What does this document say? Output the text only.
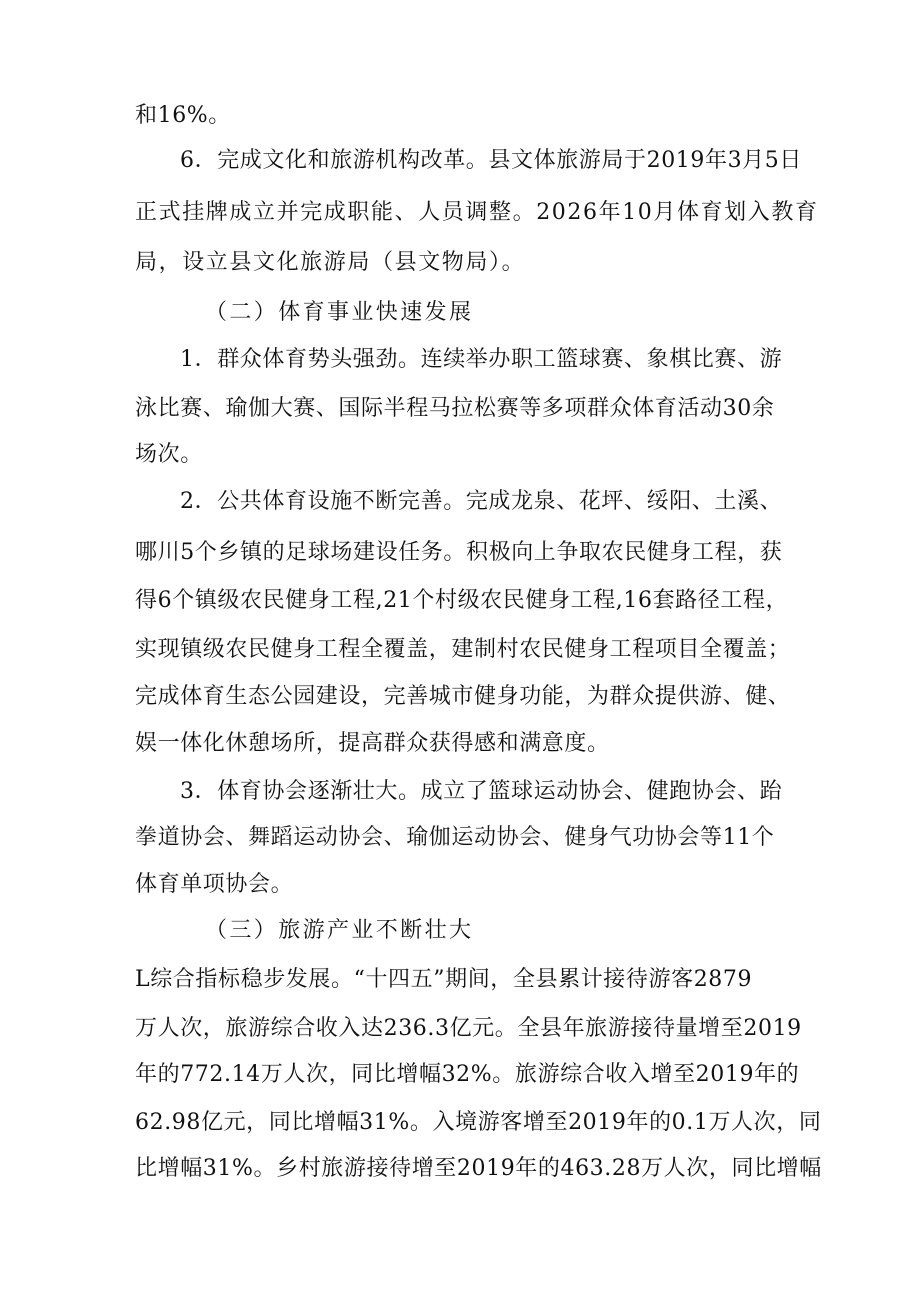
和16%。
6．完成文化和旅游机构改革。县文体旅游局于2019年3月5日
正式挂牌成立并完成职能、人员调整。2026年10月体育划入教育
局，设立县文化旅游局（县文物局）。
（二）体育事业快速发展
1．群众体育势头强劲。连续举办职工篮球赛、象棋比赛、游
泳比赛、瑜伽大赛、国际半程马拉松赛等多项群众体育活动30余
场次。
2．公共体育设施不断完善。完成龙泉、花坪、绥阳、土溪、
哪川5个乡镇的足球场建设任务。积极向上争取农民健身工程，获
得6个镇级农民健身工程,21个村级农民健身工程,16套路径工程，
实现镇级农民健身工程全覆盖，建制村农民健身工程项目全覆盖；
完成体育生态公园建设，完善城市健身功能，为群众提供游、健、
娱一体化休憩场所，提高群众获得感和满意度。
3．体育协会逐渐壮大。成立了篮球运动协会、健跑协会、跆
拳道协会、舞蹈运动协会、瑜伽运动协会、健身气功协会等11个
体育单项协会。
（三）旅游产业不断壮大
L综合指标稳步发展。“十四五”期间，全县累计接待游客2879
万人次，旅游综合收入达236.3亿元。全县年旅游接待量增至2019
年的772.14万人次，同比增幅32%。旅游综合收入增至2019年的
62.98亿元，同比增幅31%。入境游客增至2019年的0.1万人次，同
比增幅31%。乡村旅游接待增至2019年的463.28万人次，同比增幅
